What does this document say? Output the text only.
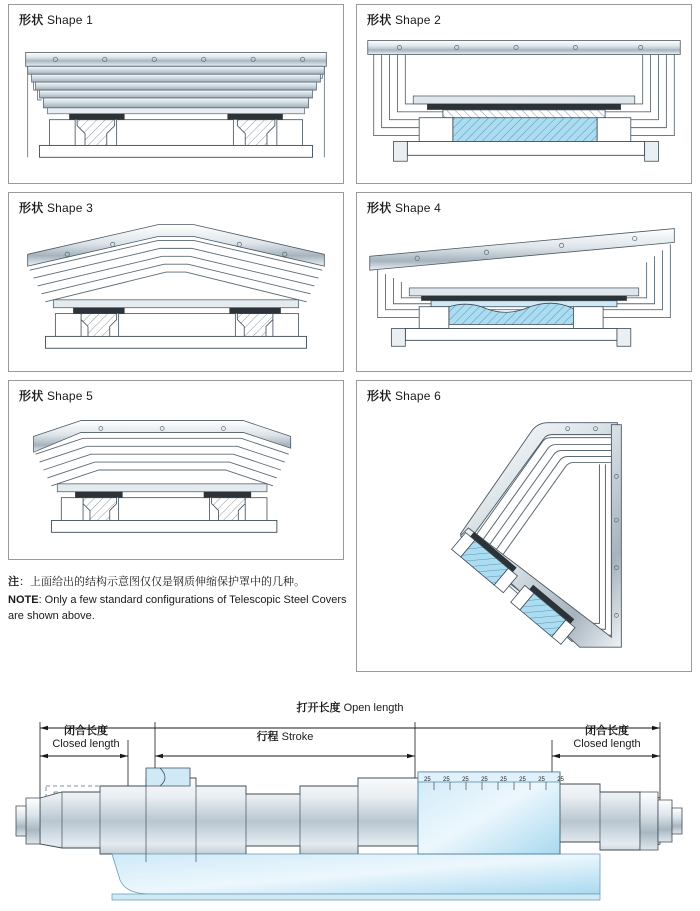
形状 Shape 1	形状 Shape 2
形状 Shape 3	形状 Shape 4
形状 Shape 5	形状 Shape 6
注：上面给出的结构示意图仅仅是钢质伸缩保护罩中的几种。
NOTE: Only a few standard configurations of Telescopic Steel Covers
are shown above.
打开长度 Open length
行程 Stroke
闭合长度
Closed length
闭合长度
Closed length
25 25 25 25 25 25 25 25
